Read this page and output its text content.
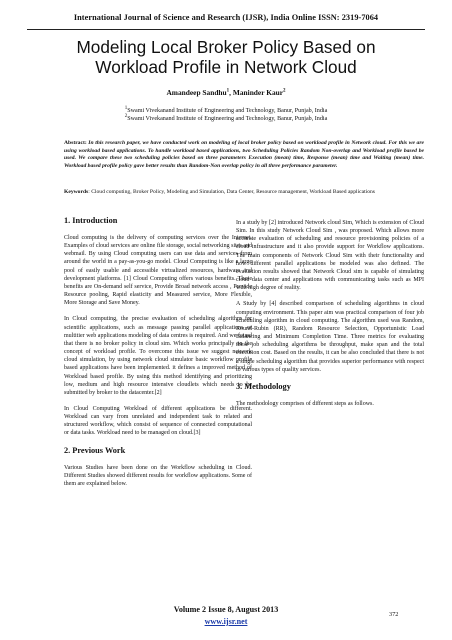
International Journal of Science and Research (IJSR), India Online ISSN: 2319-7064
Modeling Local Broker Policy Based on Workload Profile in Network Cloud
Amandeep Sandhu$^1$, Maninder Kaur$^2$
$^1$Swami Vivekanand Institute of Engineering and Technology, Banur, Punjab, India
$^2$Swami Vivekanand Institute of Engineering and Technology, Banur, Punjab, India
Abstract: In this research paper, we have conducted work on modeling of local broker policy based on workload profile in Network cloud. For this we are using workload based applications. To handle workload based applications, two Scheduling Policies Random Non-overlap and Workload profile based be used. We compare these two scheduling policies based on three parameters Execution (mean) time, Response (mean) time and Waiting (mean) time. Workload based profile policy gave better results than Random-Non overlap policy in all three performance parameter.
Keywords: Cloud computing, Broker Policy, Modeling and Simulation, Data Center, Resource management, Workload Based applications
1. Introduction

Cloud computing is the delivery of computing services over the Internet. Examples of cloud services are online file storage, social networking sites and webmail. By using Cloud computing users can use data and services from around the world in a pay-as-you-go model. Cloud Computing is like a large pool of easily usable and accessible virtualized resources, hardware and development platforms. [1] Cloud Computing offers various benefits. These benefits are On-demand self service, Provide Broad network access , Provide Resource pooling, Rapid elasticity and Measured service, More Flexible, More Storage and Save Money.

In Cloud computing, the precise evaluation of scheduling algorithm for scientific applications, such as message passing parallel applications or multitier web applications modeling of data centres is required. And we found that there is no broker policy in cloud sim. Which works principally on the concept of workload profile. To overcome this issue we suggest network cloud simulation, by using network cloud simulator basic workflow profile based applications have been implemented. it defines a improved method of Workload based profile. By using this method identifying and prioritizing low, medium and high resource intensive cloudlets which needs to be submitted by broker to the datacenter.[2]

In Cloud Computing Workload of different applications be different. Workload can vary from unrelated and independent task to related and structured workflow, which consist of sequence of connected computational or data tasks. Workload need to be managed on cloud.[3]

2. Previous Work

Various Studies have been done on the Workflow scheduling in Cloud. Different Studies showed different results for workflow applications. Some of them are explained below.

In a study by [2] introduced Network cloud Sim, Which is extension of Cloud Sim. In this study Network Cloud Sim , was proposed. Which allows more accurate evaluation of scheduling and resource provisioning policies of a cloud infrastructure and it also provide support for Workflow applications. The main components of Network Cloud Sim with their functionality and how different parallel applications be modeled was also defined. The evaluation results showed that Network Cloud sim is capable of simulating cloud data center and applications with communicating tasks such as MPI with high degree of reality.

A Study by [4] described comparison of scheduling algorithms in cloud computing environment. This paper aim was practical comparison of four job scheduling algorithm in cloud computing. The algorithm used was Random, Round-Rubin (RR), Random Resource Selection, Opportunistic Load Balancing and Minimum Completion Time. Three metrics for evaluating these job scheduling algorithms be throughput, make span and the total execution cost. Based on the results, it can be also concluded that there is not a single scheduling algorithm that provides superior performance with respect to various types of quality services.

3. Methodology

The methodology comprises of different steps as follows.

Volume 2 Issue 8, August 2013
www.ijsr.net
372
